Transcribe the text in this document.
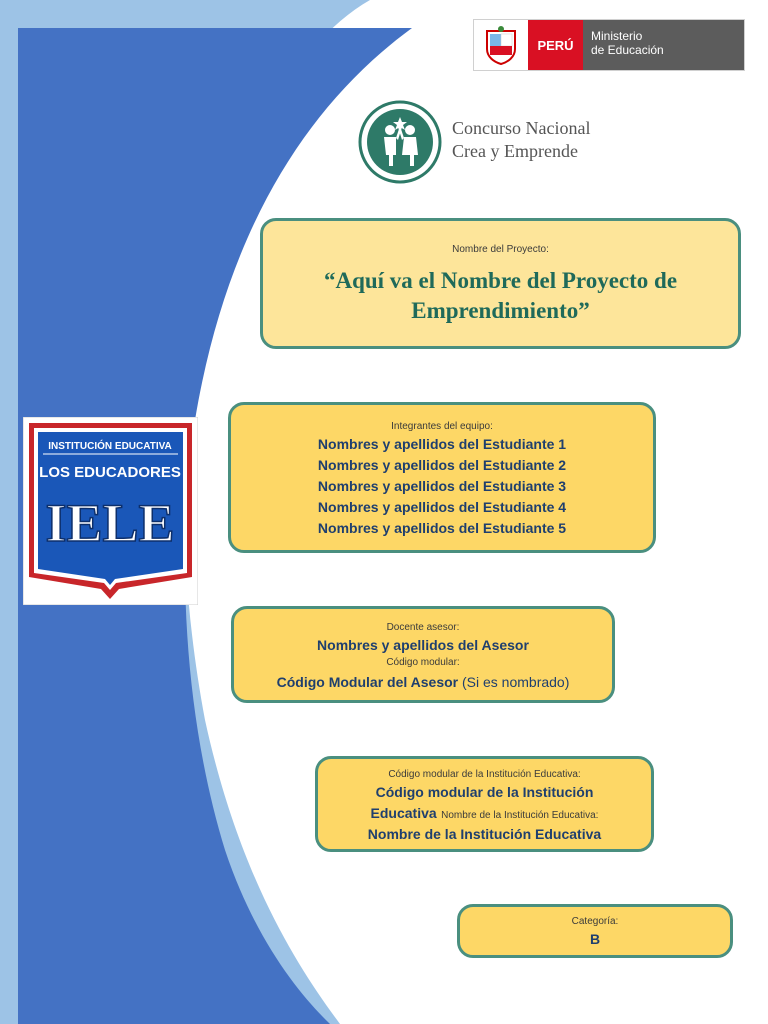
PERÚ
Ministerio
de Educación
Concurso Nacional
Crea y Emprende
INSTITUCIÓN EDUCATIVA
LOS EDUCADORES
IELE
Nombre del Proyecto:
“Aquí va el Nombre del Proyecto de
Emprendimiento”
Integrantes del equipo:
Nombres y apellidos del Estudiante 1
Nombres y apellidos del Estudiante 2
Nombres y apellidos del Estudiante 3
Nombres y apellidos del Estudiante 4
Nombres y apellidos del Estudiante 5
Docente asesor:
Nombres y apellidos del Asesor
Código modular:
Código Modular del Asesor (Si es nombrado)
Código modular de la Institución Educativa:
Código modular de la Institución
Educativa Nombre de la Institución Educativa:
Nombre de la Institución Educativa
Categoría:
B
